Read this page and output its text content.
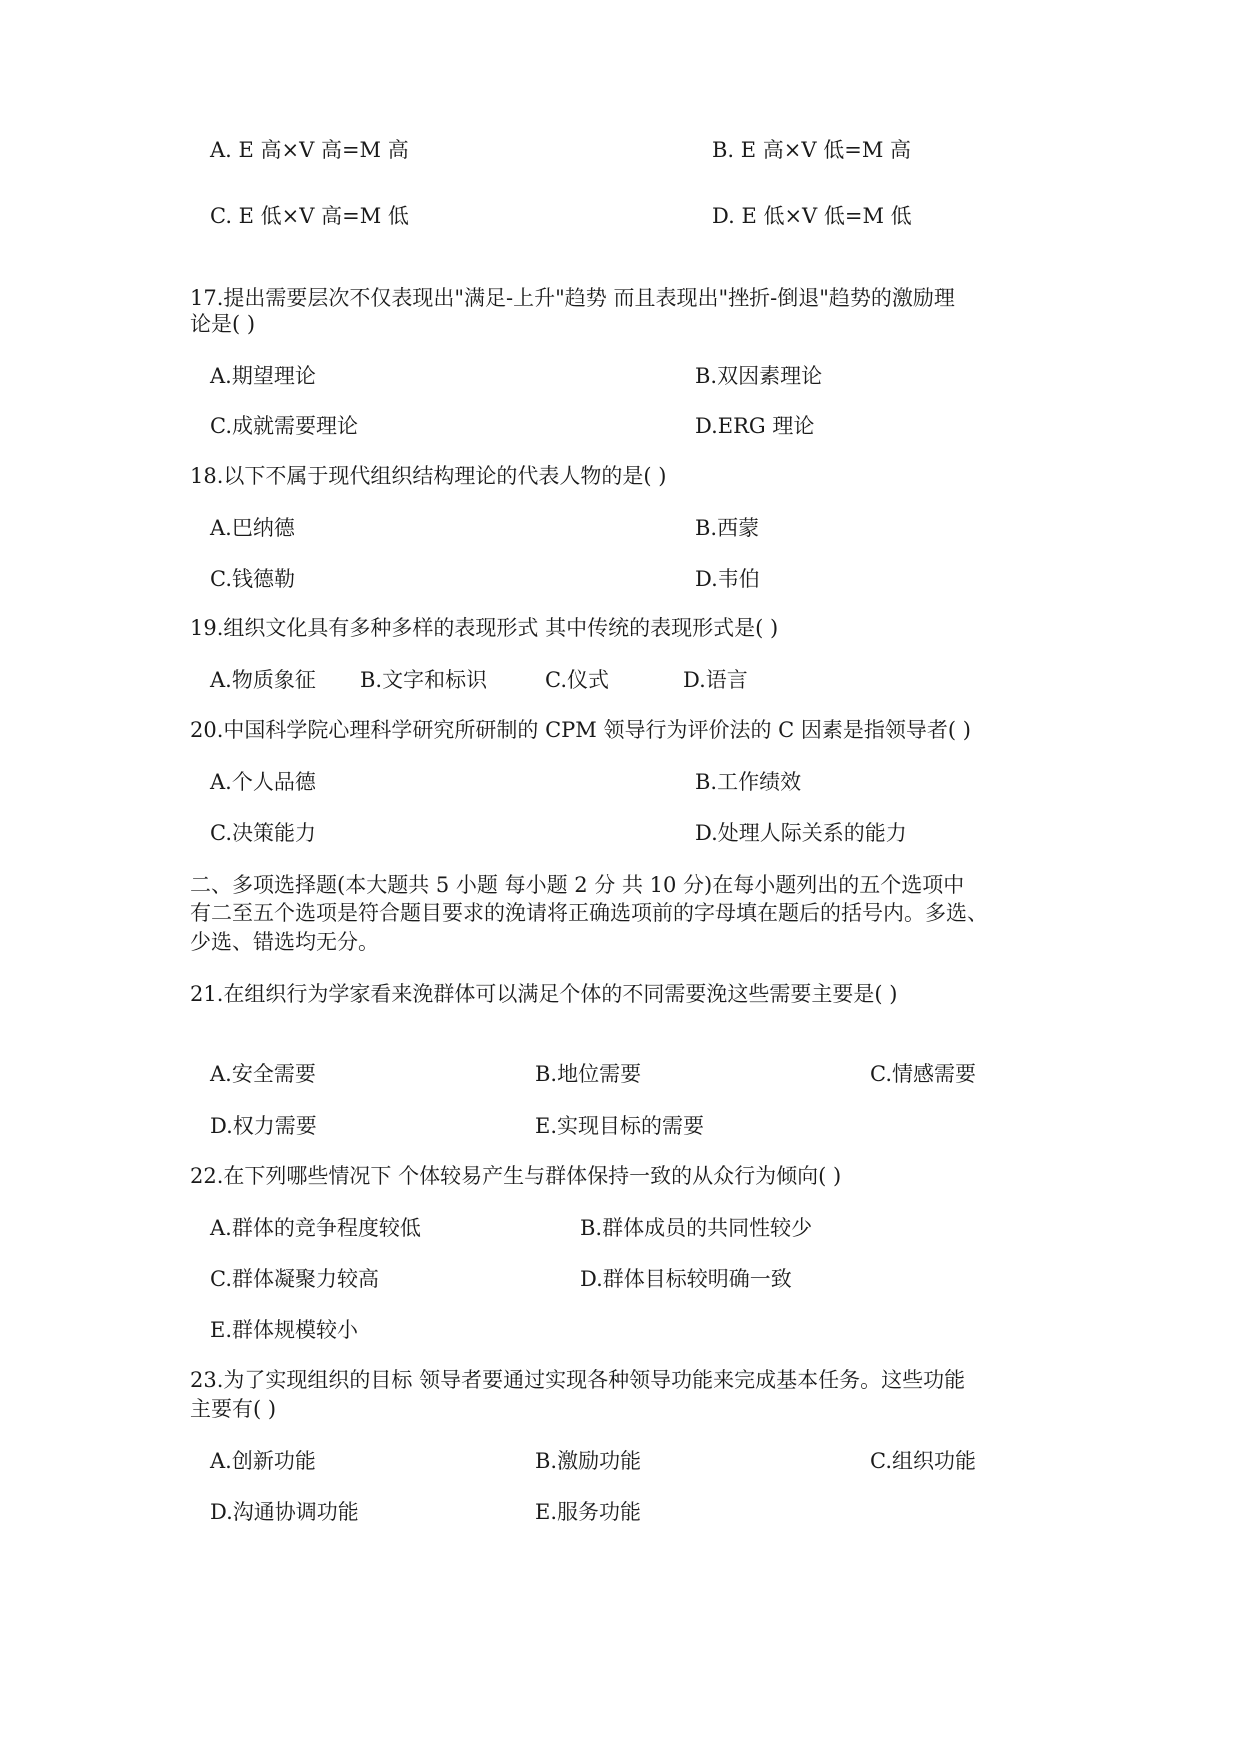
A. E 高×V 高=M 高	B. E 高×V 低=M 高
C. E 低×V 高=M 低	D. E 低×V 低=M 低
17.提出需要层次不仅表现出"满足-上升"趋势 而且表现出"挫折-倒退"趋势的激励理
论是( )
A.期望理论	B.双因素理论
C.成就需要理论	D.ERG 理论
18.以下不属于现代组织结构理论的代表人物的是( )
A.巴纳德	B.西蒙
C.钱德勒	D.韦伯
19.组织文化具有多种多样的表现形式 其中传统的表现形式是( )
A.物质象征 B.文字和标识	C.仪式	D.语言
20.中国科学院心理科学研究所研制的 CPM 领导行为评价法的 C 因素是指领导者( )
A.个人品德	B.工作绩效
C.决策能力	D.处理人际关系的能力
二、多项选择题(本大题共 5 小题 每小题 2 分 共 10 分)在每小题列出的五个选项中
有二至五个选项是符合题目要求的浼请将正确选项前的字母填在题后的括号内。多选、
少选、错选均无分。
21.在组织行为学家看来浼群体可以满足个体的不同需要浼这些需要主要是( )
A.安全需要	B.地位需要	C.情感需要
D.权力需要	E.实现目标的需要
22.在下列哪些情况下 个体较易产生与群体保持一致的从众行为倾向( )
A.群体的竞争程度较低	B.群体成员的共同性较少
C.群体凝聚力较高	D.群体目标较明确一致
E.群体规模较小
23.为了实现组织的目标 领导者要通过实现各种领导功能来完成基本任务。这些功能
主要有( )
A.创新功能	B.激励功能	C.组织功能
D.沟通协调功能	E.服务功能
